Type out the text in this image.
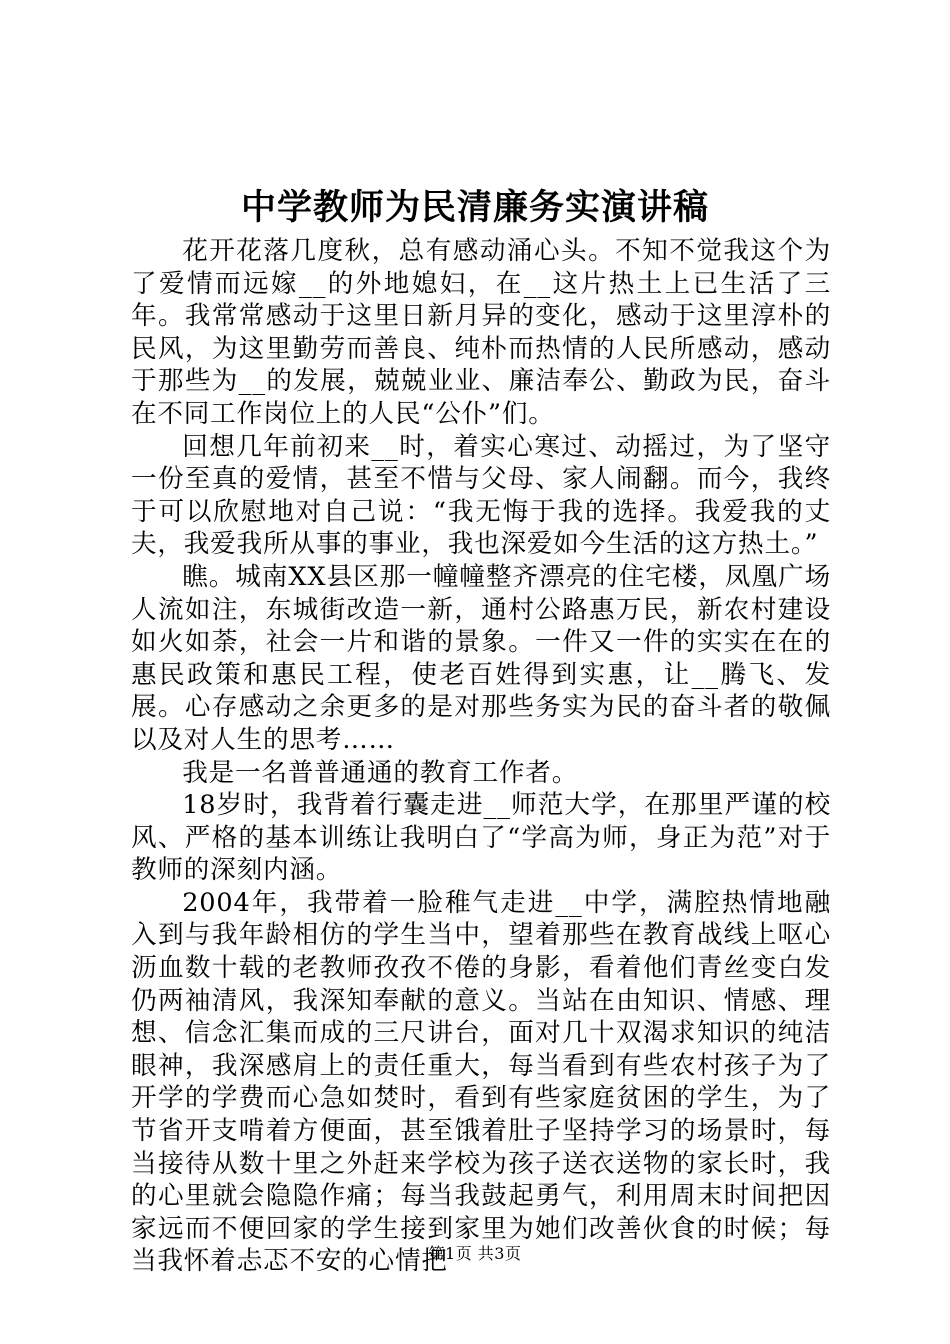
中学教师为民清廉务实演讲稿

花开花落几度秋，总有感动涌心头。不知不觉我这个为了爱情而远嫁__的外地媳妇，在__这片热土上已生活了三年。我常常感动于这里日新月异的变化，感动于这里淳朴的民风，为这里勤劳而善良、纯朴而热情的人民所感动，感动于那些为__的发展，兢兢业业、廉洁奉公、勤政为民，奋斗在不同工作岗位上的人民“公仆”们。

回想几年前初来__时，着实心寒过、动摇过，为了坚守一份至真的爱情，甚至不惜与父母、家人闹翻。而今，我终于可以欣慰地对自己说：“我无悔于我的选择。我爱我的丈夫，我爱我所从事的事业，我也深爱如今生活的这方热土。”

瞧。城南XX县区那一幢幢整齐漂亮的住宅楼，凤凰广场人流如注，东城街改造一新，通村公路惠万民，新农村建设如火如荼，社会一片和谐的景象。一件又一件的实实在在的惠民政策和惠民工程，使老百姓得到实惠，让__腾飞、发展。心存感动之余更多的是对那些务实为民的奋斗者的敬佩以及对人生的思考……

我是一名普普通通的教育工作者。

18岁时，我背着行囊走进__师范大学，在那里严谨的校风、严格的基本训练让我明白了“学高为师，身正为范”对于教师的深刻内涵。

2004年，我带着一脸稚气走进__中学，满腔热情地融入到与我年龄相仿的学生当中，望着那些在教育战线上呕心沥血数十载的老教师孜孜不倦的身影，看着他们青丝变白发仍两袖清风，我深知奉献的意义。当站在由知识、情感、理想、信念汇集而成的三尺讲台，面对几十双渴求知识的纯洁眼神，我深感肩上的责任重大，每当看到有些农村孩子为了开学的学费而心急如焚时，看到有些家庭贫困的学生，为了节省开支啃着方便面，甚至饿着肚子坚持学习的场景时，每当接待从数十里之外赶来学校为孩子送衣送物的家长时，我的心里就会隐隐作痛；每当我鼓起勇气，利用周末时间把因家远而不便回家的学生接到家里为她们改善伙食的时候；每当我怀着忐忑不安的心情把

第1页 共3页
